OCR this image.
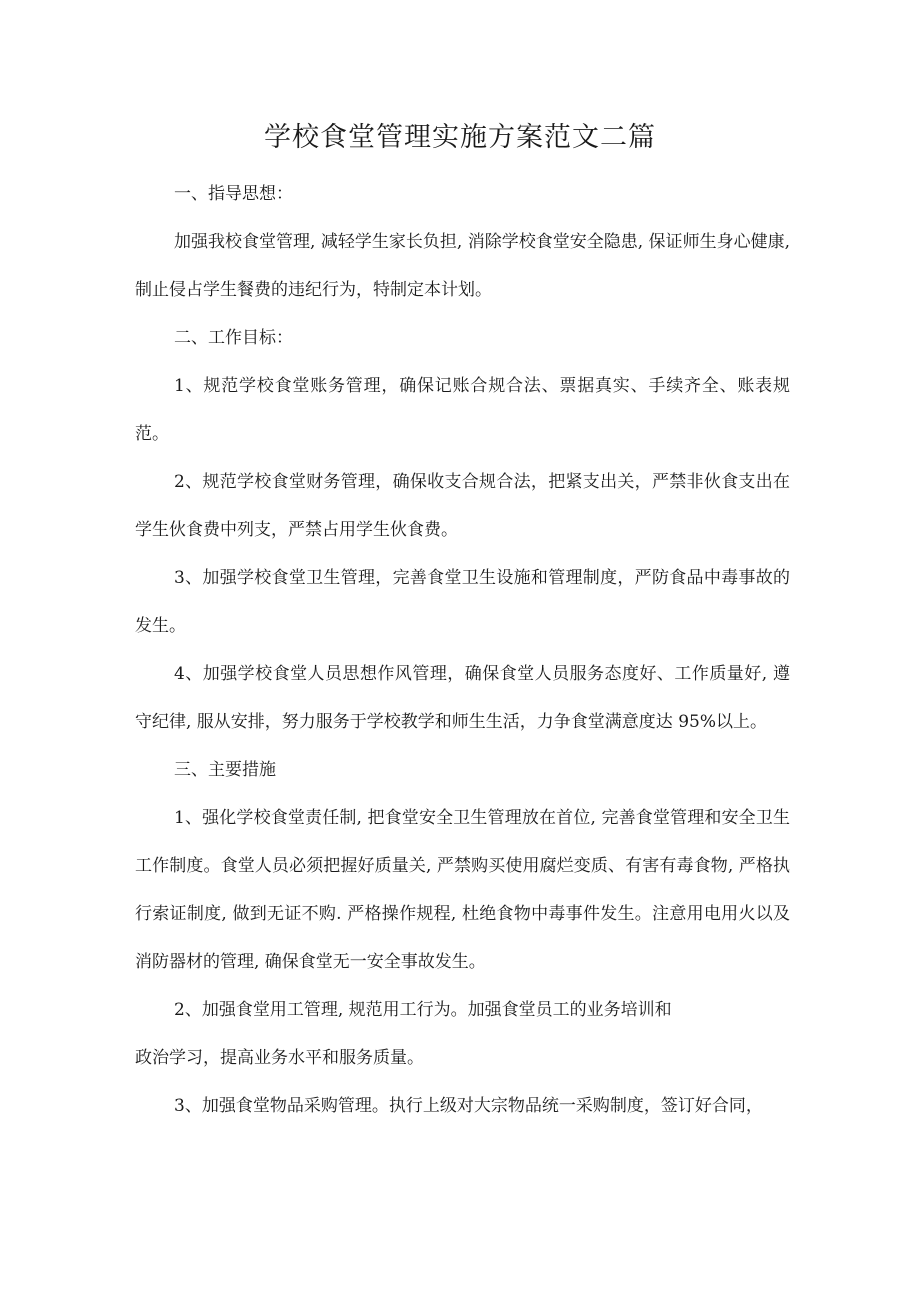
学校食堂管理实施方案范文二篇

一、指导思想：

加强我校食堂管理, 减轻学生家长负担, 消除学校食堂安全隐患, 保证师生身心健康, 制止侵占学生餐费的违纪行为，特制定本计划。

二、工作目标：

1、规范学校食堂账务管理，确保记账合规合法、票据真实、手续齐全、账表规范。

2、规范学校食堂财务管理，确保收支合规合法，把紧支出关，严禁非伙食支出在学生伙食费中列支，严禁占用学生伙食费。

3、加强学校食堂卫生管理，完善食堂卫生设施和管理制度，严防食品中毒事故的发生。

4、加强学校食堂人员思想作风管理，确保食堂人员服务态度好、工作质量好, 遵守纪律, 服从安排，努力服务于学校教学和师生生活，力争食堂满意度达 95%以上。

三、主要措施

1、强化学校食堂责任制, 把食堂安全卫生管理放在首位, 完善食堂管理和安全卫生工作制度。食堂人员必须把握好质量关, 严禁购买使用腐烂变质、有害有毒食物, 严格执行索证制度, 做到无证不购. 严格操作规程, 杜绝食物中毒事件发生。注意用电用火以及消防器材的管理, 确保食堂无一安全事故发生。

2、加强食堂用工管理, 规范用工行为。加强食堂员工的业务培训和

政治学习，提高业务水平和服务质量。

3、加强食堂物品采购管理。执行上级对大宗物品统一采购制度，签订好合同，
